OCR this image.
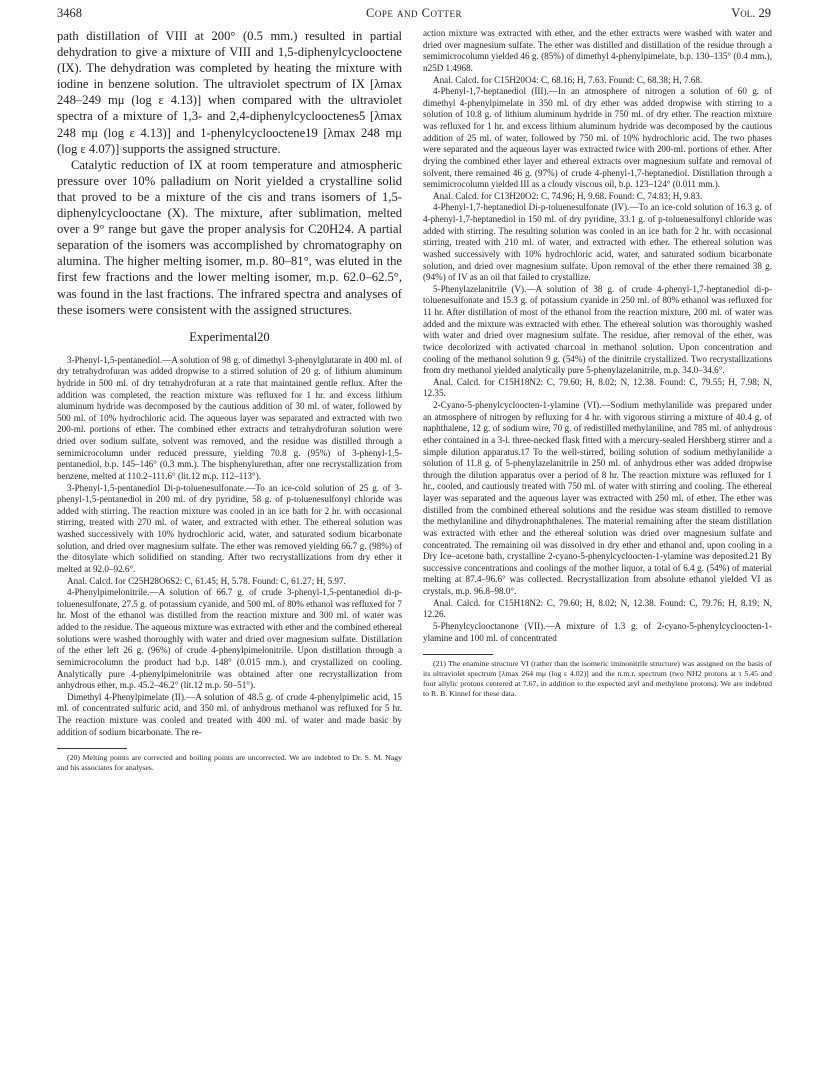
3468	Cope and Cotter	Vol. 29

path distillation of VIII at 200° (0.5 mm.) resulted in partial dehydration to give a mixture of VIII and 1,5-diphenylcyclooctene (IX). The dehydration was completed by heating the mixture with iodine in benzene solution. The ultraviolet spectrum of IX [λmax 248–249 mμ (log ε 4.13)] when compared with the ultraviolet spectra of a mixture of 1,3- and 2,4-diphenylcyclooctenes5 [λmax 248 mμ (log ε 4.13)] and 1-phenylcyclooctene19 [λmax 248 mμ (log ε 4.07)] supports the assigned structure.

Catalytic reduction of IX at room temperature and atmospheric pressure over 10% palladium on Norit yielded a crystalline solid that proved to be a mixture of the cis and trans isomers of 1,5-diphenylcyclooctane (X). The mixture, after sublimation, melted over a 9° range but gave the proper analysis for C20H24. A partial separation of the isomers was accomplished by chromatography on alumina. The higher melting isomer, m.p. 80–81°, was eluted in the first few fractions and the lower melting isomer, m.p. 62.0–62.5°, was found in the last fractions. The infrared spectra and analyses of these isomers were consistent with the assigned structures.

Experimental20

3-Phenyl-1,5-pentanediol.—A solution of 98 g. of dimethyl 3-phenylglutarate in 400 ml. of dry tetrahydrofuran was added dropwise to a stirred solution of 20 g. of lithium aluminum hydride in 500 ml. of dry tetrahydrofuran at a rate that maintained gentle reflux. After the addition was completed, the reaction mixture was refluxed for 1 hr. and excess lithium aluminum hydride was decomposed by the cautious addition of 30 ml. of water, followed by 500 ml. of 10% hydrochloric acid. The aqueous layer was separated and extracted with two 200-ml. portions of ether. The combined ether extracts and tetrahydrofuran solution were dried over sodium sulfate, solvent was removed, and the residue was distilled through a semimicrocolumn under reduced pressure, yielding 70.8 g. (95%) of 3-phenyl-1,5-pentanediol, b.p. 145–146° (0.3 mm.). The bisphenylurethan, after one recrystallization from benzene, melted at 110.2–111.6° (lit.12 m.p. 112–113°).

3-Phenyl-1,5-pentanediol Di-p-toluenesulfonate.—To an ice-cold solution of 25 g. of 3-phenyl-1,5-pentanediol in 200 ml. of dry pyridine, 58 g. of p-toluenesulfonyl chloride was added with stirring. The reaction mixture was cooled in an ice bath for 2 hr. with occasional stirring, treated with 270 ml. of water, and extracted with ether. The ethereal solution was washed successively with 10% hydrochloric acid, water, and saturated sodium bicarbonate solution, and dried over magnesium sulfate. The ether was removed yielding 66.7 g. (98%) of the ditosylate which solidified on standing. After two recrystallizations from dry ether it melted at 92.0–92.6°.

Anal. Calcd. for C25H28O6S2: C, 61.45; H, 5.78. Found: C, 61.27; H, 5.97.

4-Phenylpimelonitrile.—A solution of 66.7 g. of crude 3-phenyl-1,5-pentanediol di-p-toluenesulfonate, 27.5 g. of potassium cyanide, and 500 ml. of 80% ethanol was refluxed for 7 hr. Most of the ethanol was distilled from the reaction mixture and 300 ml. of water was added to the residue. The aqueous mixture was extracted with ether and the combined ethereal solutions were washed thoroughly with water and dried over magnesium sulfate. Distillation of the ether left 26 g. (96%) of crude 4-phenylpimelonitrile. Upon distillation through a semimicrocolumn the product had b.p. 148° (0.015 mm.), and crystallized on cooling. Analytically pure 4-phenylpimelonitrile was obtained after one recrystallization from anhydrous ether, m.p. 45.2–46.2° (lit.12 m.p. 50–51°).

Dimethyl 4-Phenylpimelate (II).—A solution of 48.5 g. of crude 4-phenylpimelic acid, 15 ml. of concentrated sulfuric acid, and 350 ml. of anhydrous methanol was refluxed for 5 hr. The reaction mixture was cooled and treated with 400 ml. of water and made basic by addition of sodium bicarbonate. The re-

(20) Melting points are corrected and boiling points are uncorrected. We are indebted to Dr. S. M. Nagy and his associates for analyses.

action mixture was extracted with ether, and the ether extracts were washed with water and dried over magnesium sulfate. The ether was distilled and distillation of the residue through a semimicrocolumn yielded 46 g. (85%) of dimethyl 4-phenylpimelate, b.p. 130–135° (0.4 mm.), n25D 1.4968.

Anal. Calcd. for C15H20O4: C, 68.16; H, 7.63. Found: C, 68.38; H, 7.68.

4-Phenyl-1,7-heptanediol (III).—In an atmosphere of nitrogen a solution of 60 g. of dimethyl 4-phenylpimelate in 350 ml. of dry ether was added dropwise with stirring to a solution of 10.8 g. of lithium aluminum hydride in 750 ml. of dry ether. The reaction mixture was refluxed for 1 hr. and excess lithium aluminum hydride was decomposed by the cautious addition of 25 ml. of water, followed by 750 ml. of 10% hydrochloric acid. The two phases were separated and the aqueous layer was extracted twice with 200-ml. portions of ether. After drying the combined ether layer and ethereal extracts over magnesium sulfate and removal of solvent, there remained 46 g. (97%) of crude 4-phenyl-1,7-heptanediol. Distillation through a semimicrocolumn yielded III as a cloudy viscous oil, b.p. 123–124° (0.011 mm.).

Anal. Calcd. for C13H20O2: C, 74.96; H, 9.68. Found: C, 74.83; H, 9.83.

4-Phenyl-1,7-heptanediol Di-p-toluenesulfonate (IV).—To an ice-cold solution of 16.3 g. of 4-phenyl-1,7-heptanediol in 150 ml. of dry pyridine, 33.1 g. of p-toluenesulfonyl chloride was added with stirring. The resulting solution was cooled in an ice bath for 2 hr. with occasional stirring, treated with 210 ml. of water, and extracted with ether. The ethereal solution was washed successively with 10% hydrochloric acid, water, and saturated sodium bicarbonate solution, and dried over magnesium sulfate. Upon removal of the ether there remained 38 g. (94%) of IV as an oil that failed to crystallize.

5-Phenylazelanitrile (V).—A solution of 38 g. of crude 4-phenyl-1,7-heptanediol di-p-toluenesulfonate and 15.3 g. of potassium cyanide in 250 ml. of 80% ethanol was refluxed for 11 hr. After distillation of most of the ethanol from the reaction mixture, 200 ml. of water was added and the mixture was extracted with ether. The ethereal solution was thoroughly washed with water and dried over magnesium sulfate. The residue, after removal of the ether, was twice decolorized with activated charcoal in methanol solution. Upon concentration and cooling of the methanol solution 9 g. (54%) of the dinitrile crystallized. Two recrystallizations from dry methanol yielded analytically pure 5-phenylazelanitrile, m.p. 34.0–34.6°.

Anal. Calcd. for C15H18N2: C, 79.60; H, 8.02; N, 12.38. Found: C, 79.55; H, 7.98; N, 12.35.

2-Cyano-5-phenylcycloocten-1-ylamine (VI).—Sodium methylanilide was prepared under an atmosphere of nitrogen by refluxing for 4 hr. with vigorous stirring a mixture of 40.4 g. of naphthalene, 12 g. of sodium wire, 70 g. of redistilled methylaniline, and 785 ml. of anhydrous ether contained in a 3-l. three-necked flask fitted with a mercury-sealed Hershberg stirrer and a simple dilution apparatus.17 To the well-stirred, boiling solution of sodium methylanilide a solution of 11.8 g. of 5-phenylazelanitrile in 250 ml. of anhydrous ether was added dropwise through the dilution apparatus over a period of 8 hr. The reaction mixture was refluxed for 1 hr., cooled, and cautiously treated with 750 ml. of water with stirring and cooling. The ethereal layer was separated and the aqueous layer was extracted with 250 ml. of ether. The ether was distilled from the combined ethereal solutions and the residue was steam distilled to remove the methylaniline and dihydronaphthalenes. The material remaining after the steam distillation was extracted with ether and the ethereal solution was dried over magnesium sulfate and concentrated. The remaining oil was dissolved in dry ether and ethanol and, upon cooling in a Dry Ice–acetone bath, crystalline 2-cyano-5-phenylcycloocten-1-ylamine was deposited.21 By successive concentrations and coolings of the mother liquor, a total of 6.4 g. (54%) of material melting at 87.4–96.6° was collected. Recrystallization from absolute ethanol yielded VI as crystals, m.p. 96.8–98.0°.

Anal. Calcd. for C15H18N2: C, 79.60; H, 8.02; N, 12.38. Found: C, 79.76; H, 8.19; N, 12.26.

5-Phenylcyclooctanone (VII).—A mixture of 1.3 g. of 2-cyano-5-phenylcycloocten-1-ylamine and 100 ml. of concentrated

(21) The enamine structure VI (rather than the isomeric iminonitrile structure) was assigned on the basis of its ultraviolet spectrum [λmax 264 mμ (log ε 4.02)] and the n.m.r. spectrum (two NH2 protons at τ 5.45 and four allylic protons centered at 7.67, in addition to the expected aryl and methylene protons). We are indebted to R. B. Kinnel for these data.
